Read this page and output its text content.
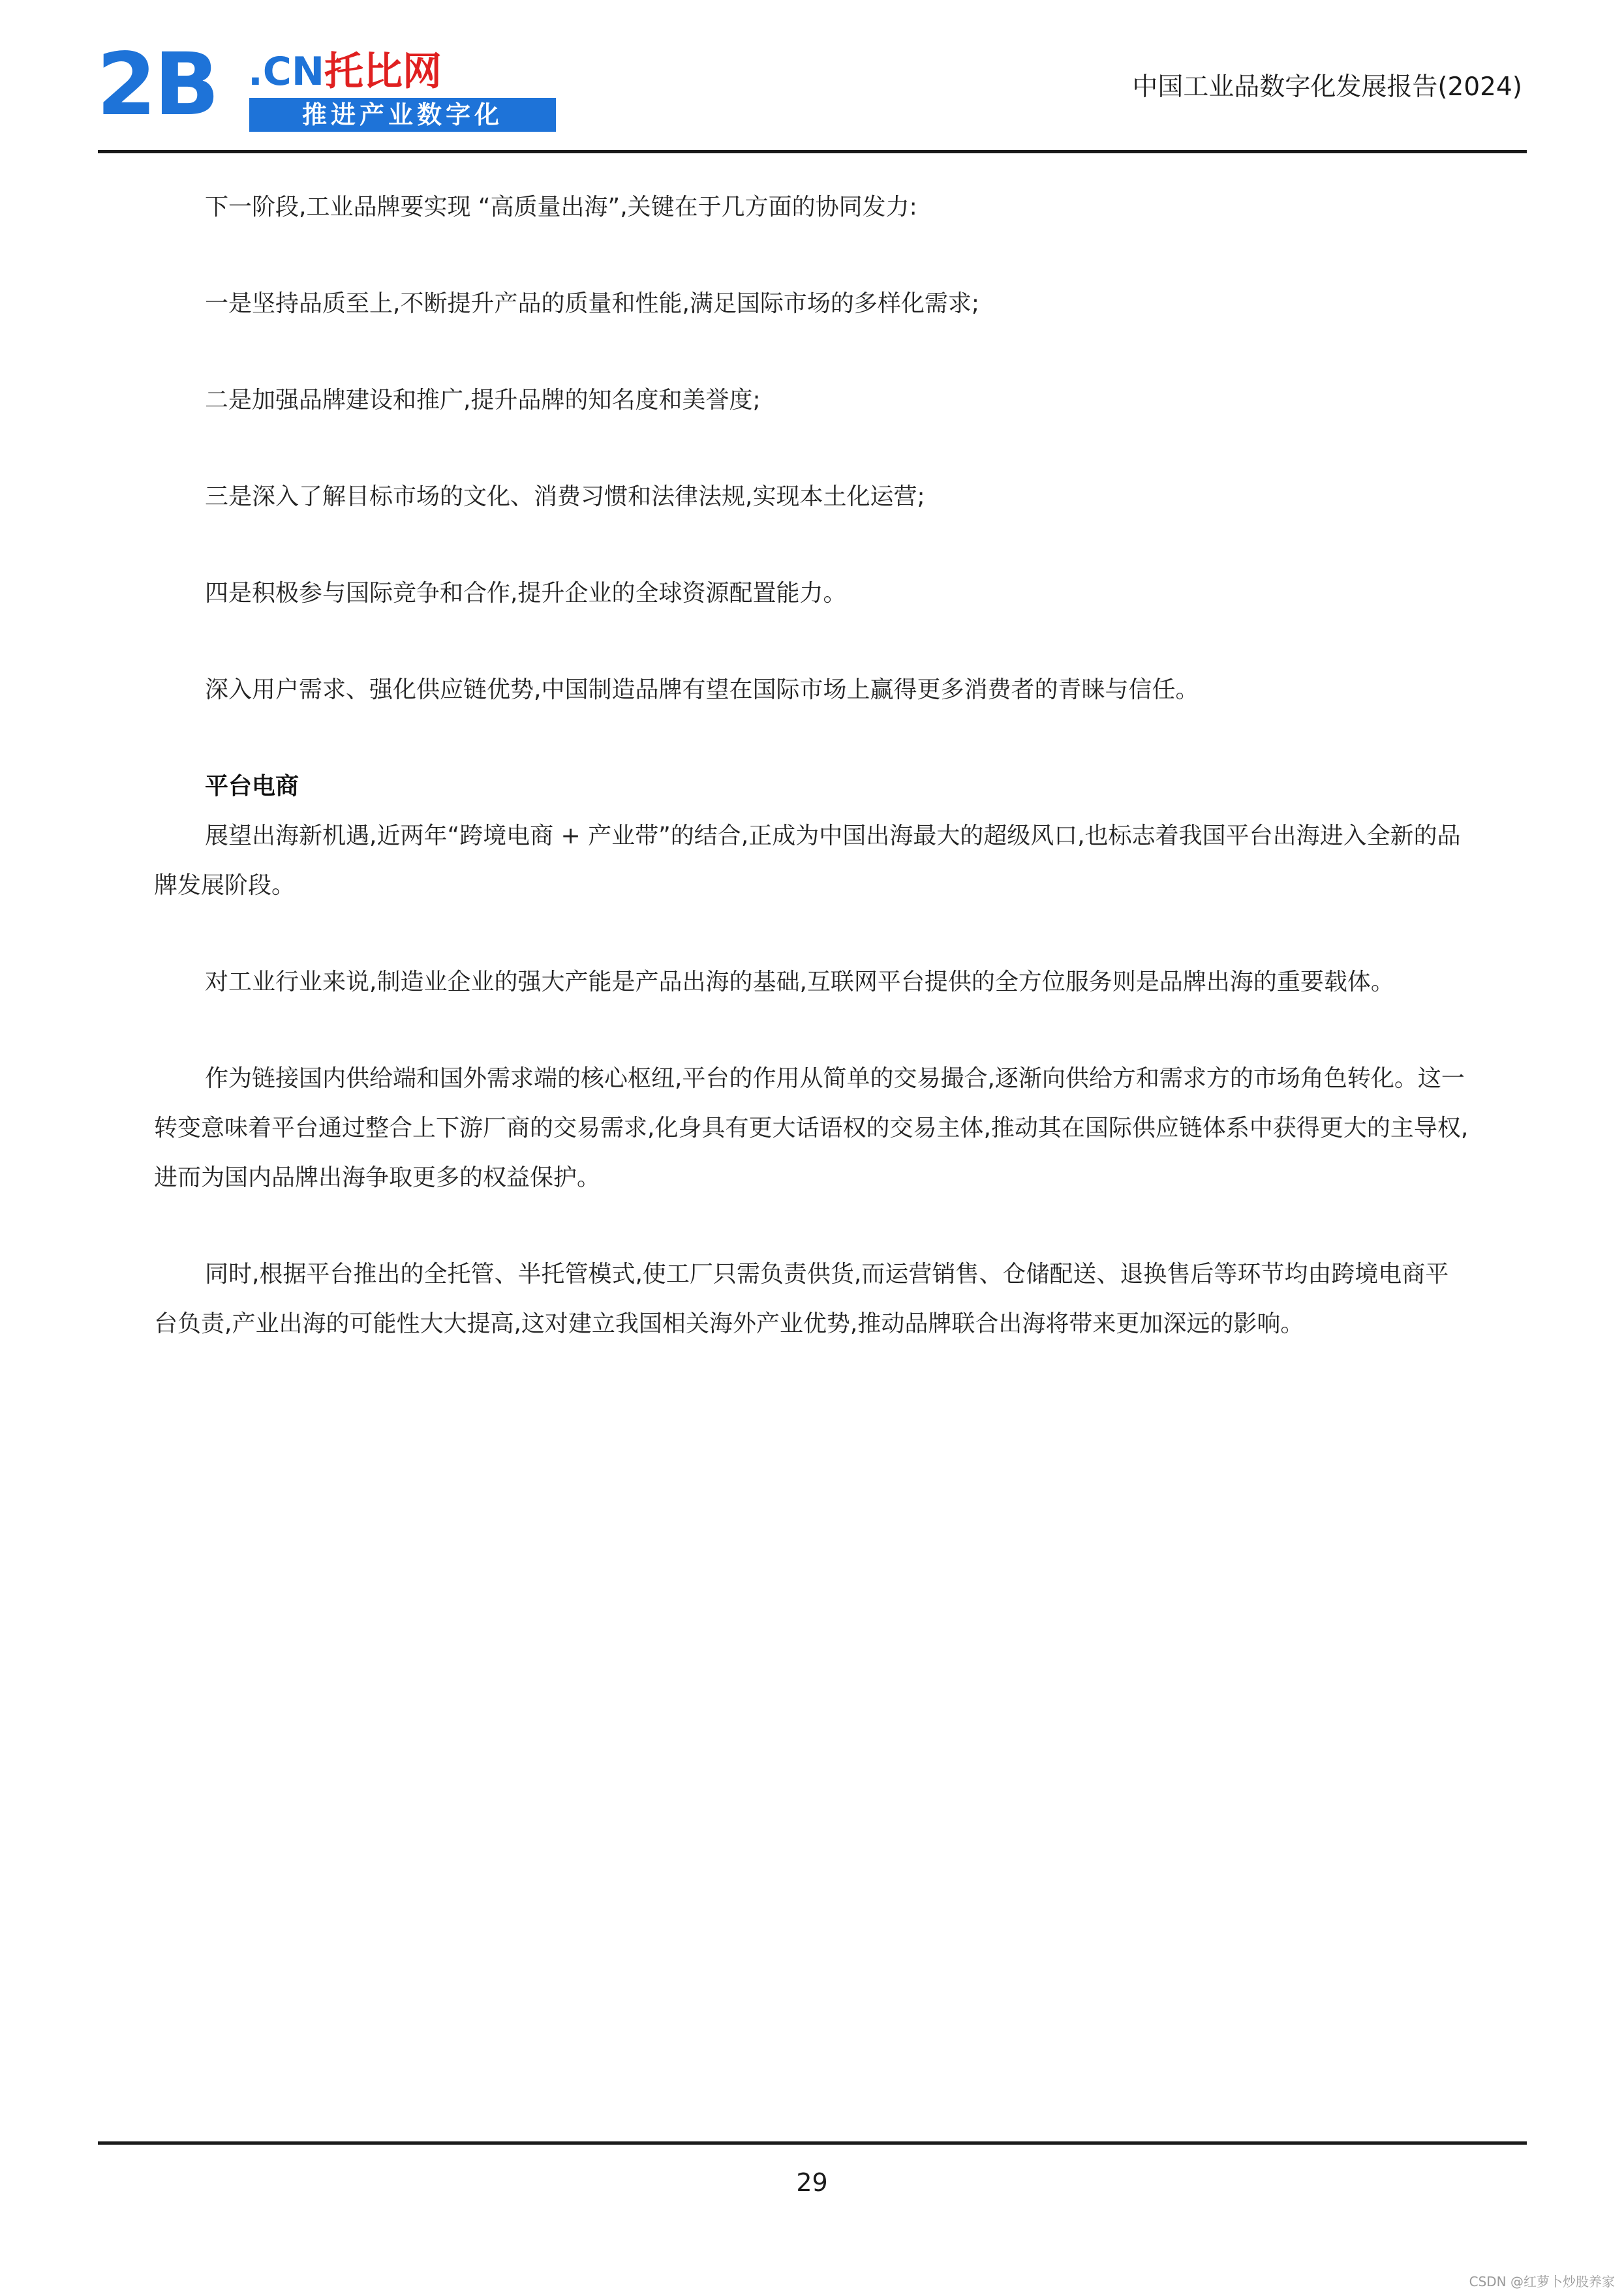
2B .CN托比网
推进产业数字化
中国工业品数字化发展报告(2024)

下一阶段,工业品牌要实现 “高质量出海”,关键在于几方面的协同发力:

一是坚持品质至上,不断提升产品的质量和性能,满足国际市场的多样化需求;

二是加强品牌建设和推广,提升品牌的知名度和美誉度;

三是深入了解目标市场的文化、消费习惯和法律法规,实现本土化运营;

四是积极参与国际竞争和合作,提升企业的全球资源配置能力。

深入用户需求、强化供应链优势,中国制造品牌有望在国际市场上赢得更多消费者的青睐与信任。

平台电商

展望出海新机遇,近两年“跨境电商 + 产业带”的结合,正成为中国出海最大的超级风口,也标志着我国平台出海进入全新的品牌发展阶段。

对工业行业来说,制造业企业的强大产能是产品出海的基础,互联网平台提供的全方位服务则是品牌出海的重要载体。

作为链接国内供给端和国外需求端的核心枢纽,平台的作用从简单的交易撮合,逐渐向供给方和需求方的市场角色转化。这一转变意味着平台通过整合上下游厂商的交易需求,化身具有更大话语权的交易主体,推动其在国际供应链体系中获得更大的主导权,进而为国内品牌出海争取更多的权益保护。

同时,根据平台推出的全托管、半托管模式,使工厂只需负责供货,而运营销售、仓储配送、退换售后等环节均由跨境电商平台负责,产业出海的可能性大大提高,这对建立我国相关海外产业优势,推动品牌联合出海将带来更加深远的影响。

29
CSDN @红萝卜炒股养家
